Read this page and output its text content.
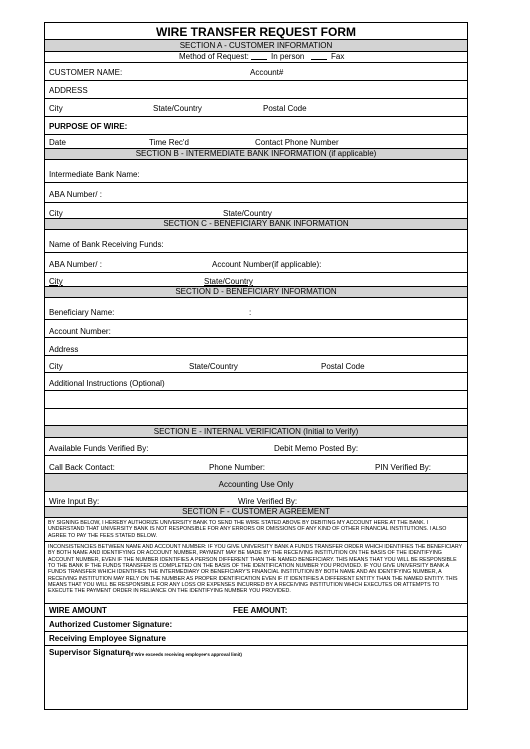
WIRE TRANSFER REQUEST FORM
SECTION A - CUSTOMER INFORMATION
Method of Request:	In person	Fax
CUSTOMER NAME:	Account#
ADDRESS
City	State/Country	Postal Code
PURPOSE OF WIRE:
Date	Time Rec'd	Contact Phone Number
SECTION B - INTERMEDIATE BANK INFORMATION (if applicable)
Intermediate Bank Name:
ABA Number/ :
City	State/Country
SECTION C - BENEFICIARY BANK INFORMATION
Name of Bank Receiving Funds:
ABA Number/ :	Account Number(if applicable):
City	State/Country
SECTION D - BENEFICIARY INFORMATION
Beneficiary Name:	:
Account Number:
Address
City	State/Country	Postal Code
Additional Instructions (Optional)
SECTION E - INTERNAL VERIFICATION (Initial to Verify)
Available Funds Verified By:	Debit Memo Posted By:
Call Back Contact:	Phone Number:	PIN Verified By:
Accounting Use Only
Wire Input By:	Wire Verified By:
SECTION F - CUSTOMER AGREEMENT
BY SIGNING BELOW, I HEREBY AUTHORIZE UNIVERSITY BANK TO SEND THE WIRE STATED ABOVE BY DEBITING MY ACCOUNT HERE AT THE BANK. I UNDERSTAND THAT UNIVERSITY BANK IS NOT RESPONSIBLE FOR ANY ERRORS OR OMISSIONS OF ANY KIND OF OTHER FINANCIAL INSTITUTIONS. I ALSO AGREE TO PAY THE FEES STATED BELOW.
INCONSISTENCIES BETWEEN NAME AND ACCOUNT NUMBER: IF YOU GIVE UNIVERSITY BANK A FUNDS TRANSFER ORDER WHICH IDENTIFIES THE BENEFICIARY BY BOTH NAME AND IDENTIFYING OR ACCOUNT NUMBER, PAYMENT MAY BE MADE BY THE RECEIVING INSTITUTION ON THE BASIS OF THE IDENTIFYING ACCOUNT NUMBER, EVEN IF THE NUMBER IDENTIFIES A PERSON DIFFERENT THAN THE NAMED BENEFICIARY. THIS MEANS THAT YOU WILL BE RESPONSIBLE TO THE BANK IF THE FUNDS TRANSFER IS COMPLETED ON THE BASIS OF THE IDENTIFICATION NUMBER YOU PROVIDED. IF YOU GIVE UNIVERSITY BANK A FUNDS TRANSFER WHICH IDENTIFIES THE INTERMEDIARY OR BENEFICIARY'S FINANCIAL INSTITUTION BY BOTH NAME AND AN IDENTIFYING NUMBER, A RECEIVING INSTITUTION MAY RELY ON THE NUMBER AS PROPER IDENTIFICATION EVEN IF IT IDENTIFIES A DIFFERENT ENTITY THAN THE NAMED ENTITY. THIS MEANS THAT YOU WILL BE RESPONSIBLE FOR ANY LOSS OR EXPENSES INCURRED BY A RECEIVING INSTITUTION WHICH EXECUTES OR ATTEMPTS TO EXECUTE THE PAYMENT ORDER IN RELIANCE ON THE IDENTIFYING NUMBER YOU PROVIDED.
WIRE AMOUNT	FEE AMOUNT:
Authorized Customer Signature:
Receiving Employee Signature
Supervisor Signature (If Wire exceeds receiving employee's approval limit)
